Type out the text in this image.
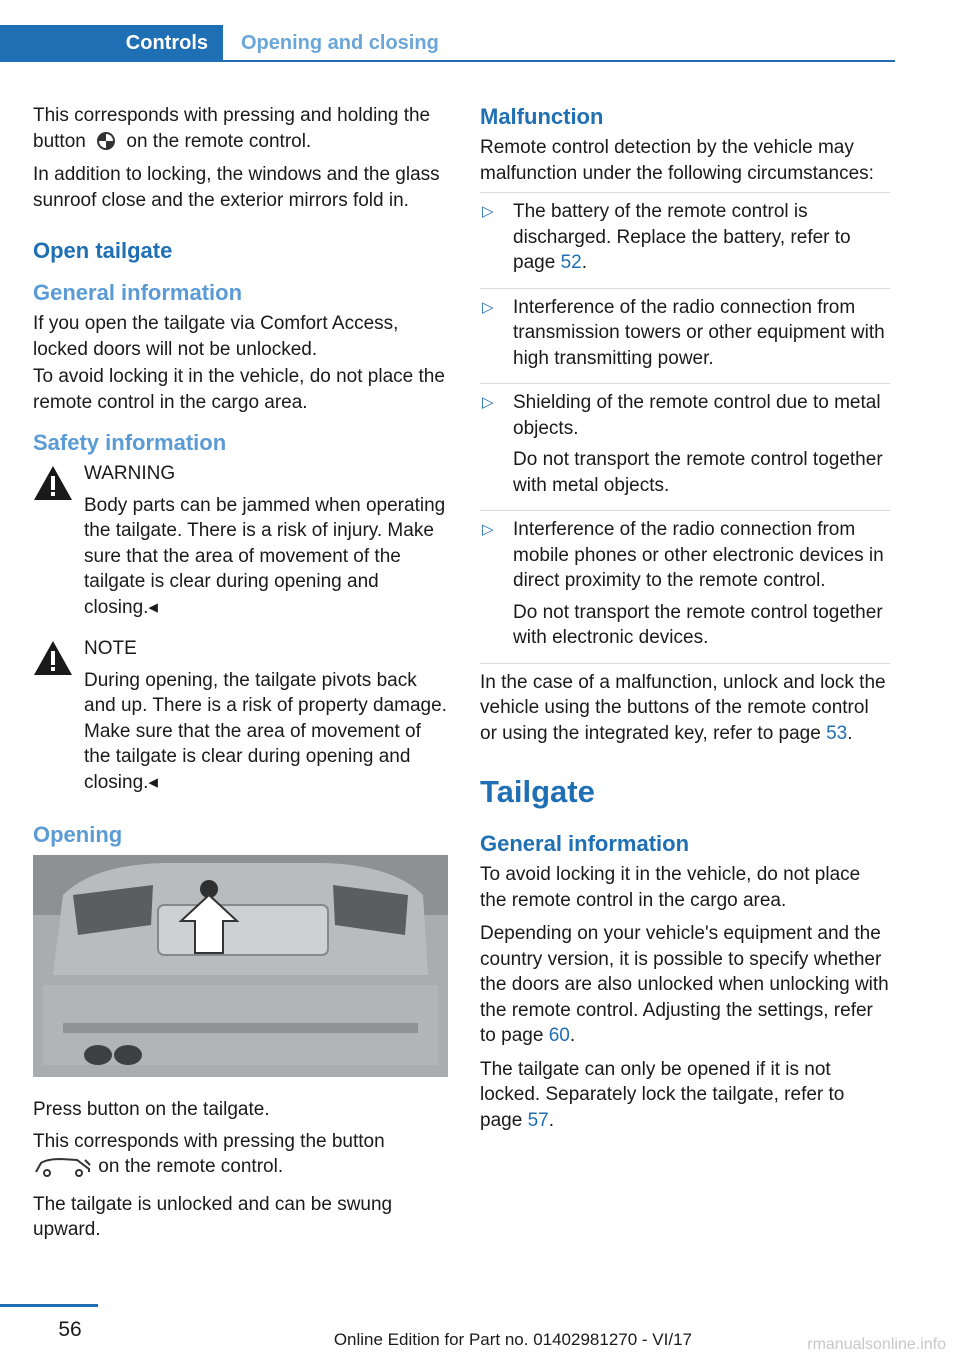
Controls Opening and closing

This corresponds with pressing and holding the button on the remote control.

In addition to locking, the windows and the glass sunroof close and the exterior mirrors fold in.

Open tailgate
General information

If you open the tailgate via Comfort Access, locked doors will not be unlocked.

To avoid locking it in the vehicle, do not place the remote control in the cargo area.

Safety information
WARNING
Body parts can be jammed when operating the tailgate. There is a risk of injury. Make sure that the area of movement of the tailgate is clear during opening and closing.◂
NOTE
During opening, the tailgate pivots back and up. There is a risk of property damage. Make sure that the area of movement of the tailgate is clear during opening and closing.◂
Opening

Press button on the tailgate.

This corresponds with pressing the button
on the remote control.

The tailgate is unlocked and can be swung upward.

Malfunction

Remote control detection by the vehicle may malfunction under the following circumstances:

▷ The battery of the remote control is discharged. Replace the battery, refer to page 52.

▷ Interference of the radio connection from transmission towers or other equipment with high transmitting power.

▷ Shielding of the remote control due to metal objects.

Do not transport the remote control together with metal objects.

▷ Interference of the radio connection from mobile phones or other electronic devices in direct proximity to the remote control.

Do not transport the remote control together with electronic devices.

In the case of a malfunction, unlock and lock the vehicle using the buttons of the remote control or using the integrated key, refer to page 53.

Tailgate
General information

To avoid locking it in the vehicle, do not place the remote control in the cargo area.

Depending on your vehicle's equipment and the country version, it is possible to specify whether the doors are also unlocked when unlocking with the remote control. Adjusting the settings, refer to page 60.

The tailgate can only be opened if it is not locked. Separately lock the tailgate, refer to page 57.

56	Online Edition for Part no. 01402981270 - VI/17	rmanualsonline.info
